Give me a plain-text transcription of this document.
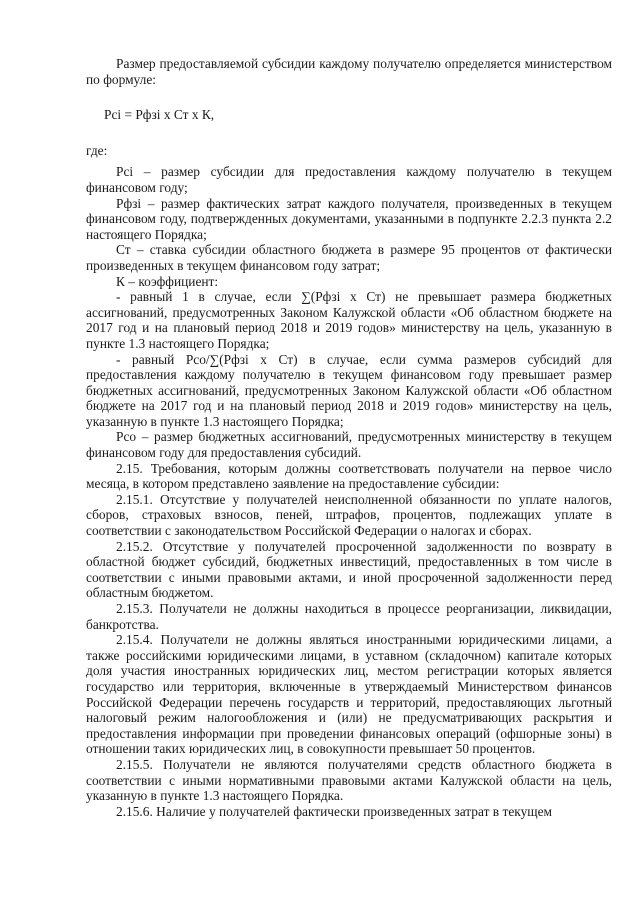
Размер предоставляемой субсидии каждому получателю определяется министерством по формуле:

Рсі = Рфзі х Ст х К,

где:

Рсі – размер субсидии для предоставления каждому получателю в текущем финансовом году;

Рфзі – размер фактических затрат каждого получателя, произведенных в текущем финансовом году, подтвержденных документами, указанными в подпункте 2.2.3 пункта 2.2 настоящего Порядка;

Ст – ставка субсидии областного бюджета в размере 95 процентов от фактически произведенных в текущем финансовом году затрат;

К – коэффициент:

- равный 1 в случае, если ∑(Рфзі х Ст) не превышает размера бюджетных ассигнований, предусмотренных Законом Калужской области «Об областном бюджете на 2017 год и на плановый период 2018 и 2019 годов» министерству на цель, указанную в пункте 1.3 настоящего Порядка;

- равный Рсо/∑(Рфзі х Ст) в случае, если сумма размеров субсидий для предоставления каждому получателю в текущем финансовом году превышает размер бюджетных ассигнований, предусмотренных Законом Калужской области «Об областном бюджете на 2017 год и на плановый период 2018 и 2019 годов» министерству на цель, указанную в пункте 1.3 настоящего Порядка;

Рсо – размер бюджетных ассигнований, предусмотренных министерству в текущем финансовом году для предоставления субсидий.

2.15. Требования, которым должны соответствовать получатели на первое число месяца, в котором представлено заявление на предоставление субсидии:

2.15.1. Отсутствие у получателей неисполненной обязанности по уплате налогов, сборов, страховых взносов, пеней, штрафов, процентов, подлежащих уплате в соответствии с законодательством Российской Федерации о налогах и сборах.

2.15.2. Отсутствие у получателей просроченной задолженности по возврату в областной бюджет субсидий, бюджетных инвестиций, предоставленных в том числе в соответствии с иными правовыми актами, и иной просроченной задолженности перед областным бюджетом.

2.15.3. Получатели не должны находиться в процессе реорганизации, ликвидации, банкротства.

2.15.4. Получатели не должны являться иностранными юридическими лицами, а также российскими юридическими лицами, в уставном (складочном) капитале которых доля участия иностранных юридических лиц, местом регистрации которых является государство или территория, включенные в утверждаемый Министерством финансов Российской Федерации перечень государств и территорий, предоставляющих льготный налоговый режим налогообложения и (или) не предусматривающих раскрытия и предоставления информации при проведении финансовых операций (офшорные зоны) в отношении таких юридических лиц, в совокупности превышает 50 процентов.

2.15.5. Получатели не являются получателями средств областного бюджета в соответствии с иными нормативными правовыми актами Калужской области на цель, указанную в пункте 1.3 настоящего Порядка.

2.15.6. Наличие у получателей фактически произведенных затрат в текущем
